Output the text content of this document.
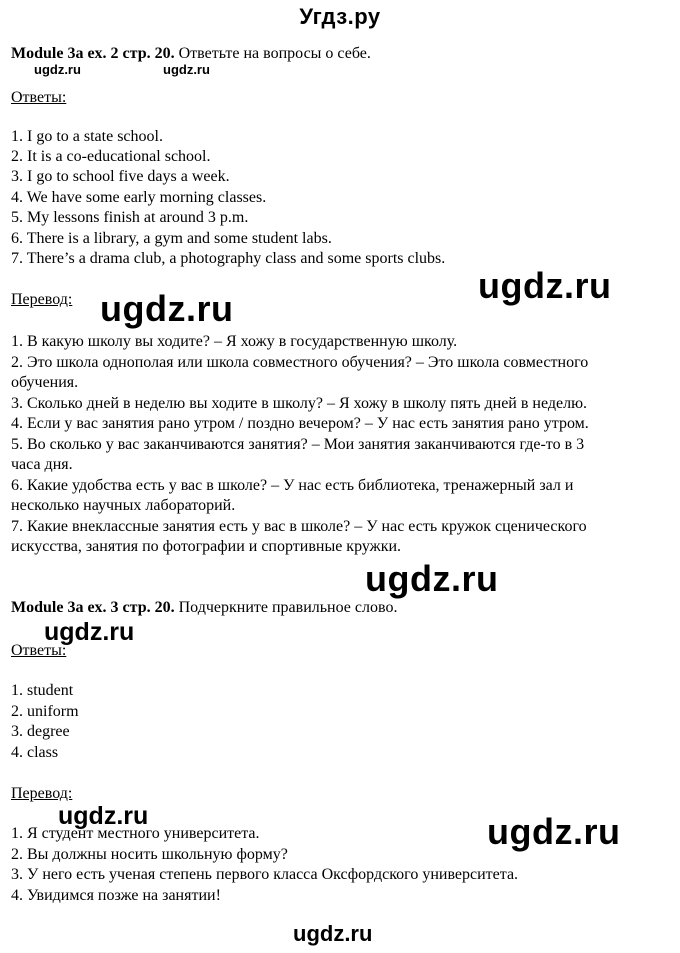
Угдз.ру
Module 3a ex. 2 стр. 20. Ответьте на вопросы о себе.
Ответы:
1. I go to a state school.
2. It is a co-educational school.
3. I go to school five days a week.
4. We have some early morning classes.
5. My lessons finish at around 3 p.m.
6. There is a library, a gym and some student labs.
7. There’s a drama club, a photography class and some sports clubs.
Перевод:
1. В какую школу вы ходите? – Я хожу в государственную школу.
2. Это школа однополая или школа совместного обучения? – Это школа совместного
обучения.
3. Сколько дней в неделю вы ходите в школу? – Я хожу в школу пять дней в неделю.
4. Если у вас занятия рано утром / поздно вечером? – У нас есть занятия рано утром.
5. Во сколько у вас заканчиваются занятия? – Мои занятия заканчиваются где-то в 3
часа дня.
6. Какие удобства есть у вас в школе? – У нас есть библиотека, тренажерный зал и
несколько научных лабораторий.
7. Какие внеклассные занятия есть у вас в школе? – У нас есть кружок сценического
искусства, занятия по фотографии и спортивные кружки.
Module 3a ex. 3 стр. 20. Подчеркните правильное слово.
Ответы:
1. student
2. uniform
3. degree
4. class
Перевод:
1. Я студент местного университета.
2. Вы должны носить школьную форму?
3. У него есть ученая степень первого класса Оксфордского университета.
4. Увидимся позже на занятии!
ugdz.ru	ugdz.ru
ugdz.ru
ugdz.ru
ugdz.ru
ugdz.ru
ugdz.ru	ugdz.ru
ugdz.ru
